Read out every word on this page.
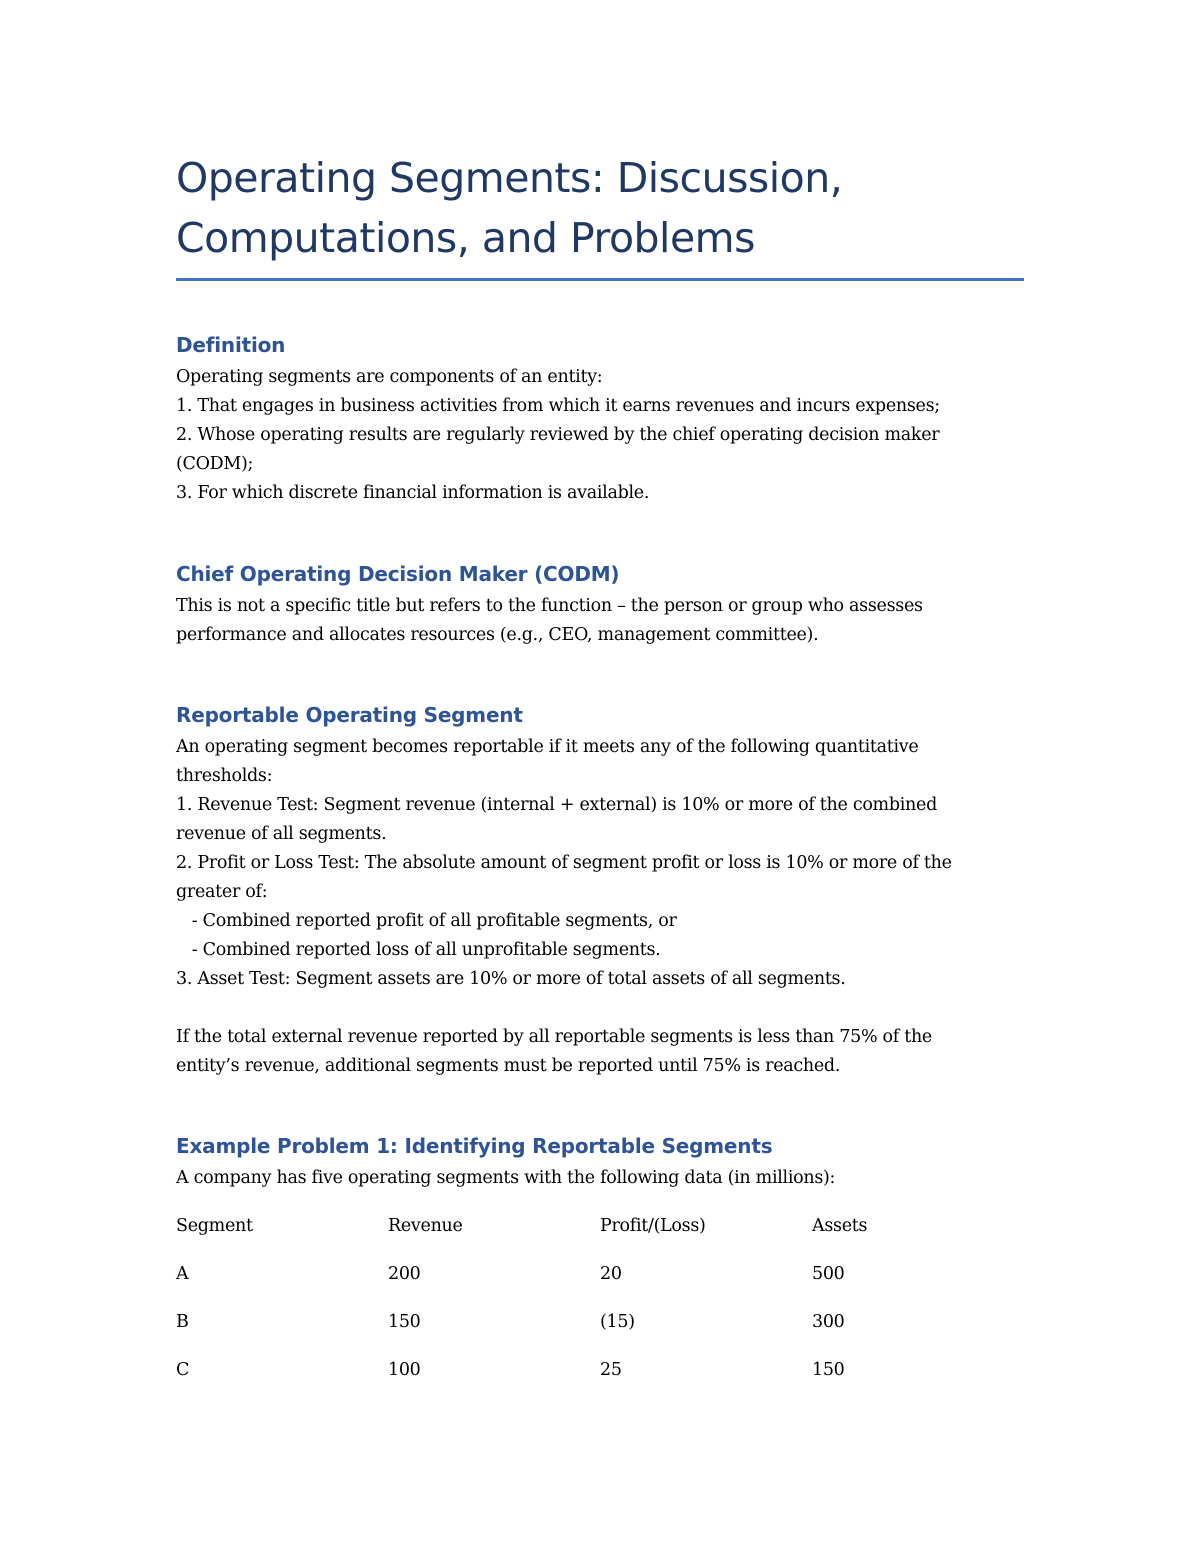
Operating Segments: Discussion,
Computations, and Problems
Definition
Operating segments are components of an entity:
1. That engages in business activities from which it earns revenues and incurs expenses;
2. Whose operating results are regularly reviewed by the chief operating decision maker
(CODM);
3. For which discrete financial information is available.
Chief Operating Decision Maker (CODM)
This is not a specific title but refers to the function – the person or group who assesses
performance and allocates resources (e.g., CEO, management committee).
Reportable Operating Segment
An operating segment becomes reportable if it meets any of the following quantitative
thresholds:
1. Revenue Test: Segment revenue (internal + external) is 10% or more of the combined
revenue of all segments.
2. Profit or Loss Test: The absolute amount of segment profit or loss is 10% or more of the
greater of:
- Combined reported profit of all profitable segments, or
- Combined reported loss of all unprofitable segments.
3. Asset Test: Segment assets are 10% or more of total assets of all segments.
If the total external revenue reported by all reportable segments is less than 75% of the
entity’s revenue, additional segments must be reported until 75% is reached.
Example Problem 1: Identifying Reportable Segments
A company has five operating segments with the following data (in millions):
Segment	Revenue	Profit/(Loss)	Assets
A	200	20	500
B	150	(15)	300
C	100	25	150
